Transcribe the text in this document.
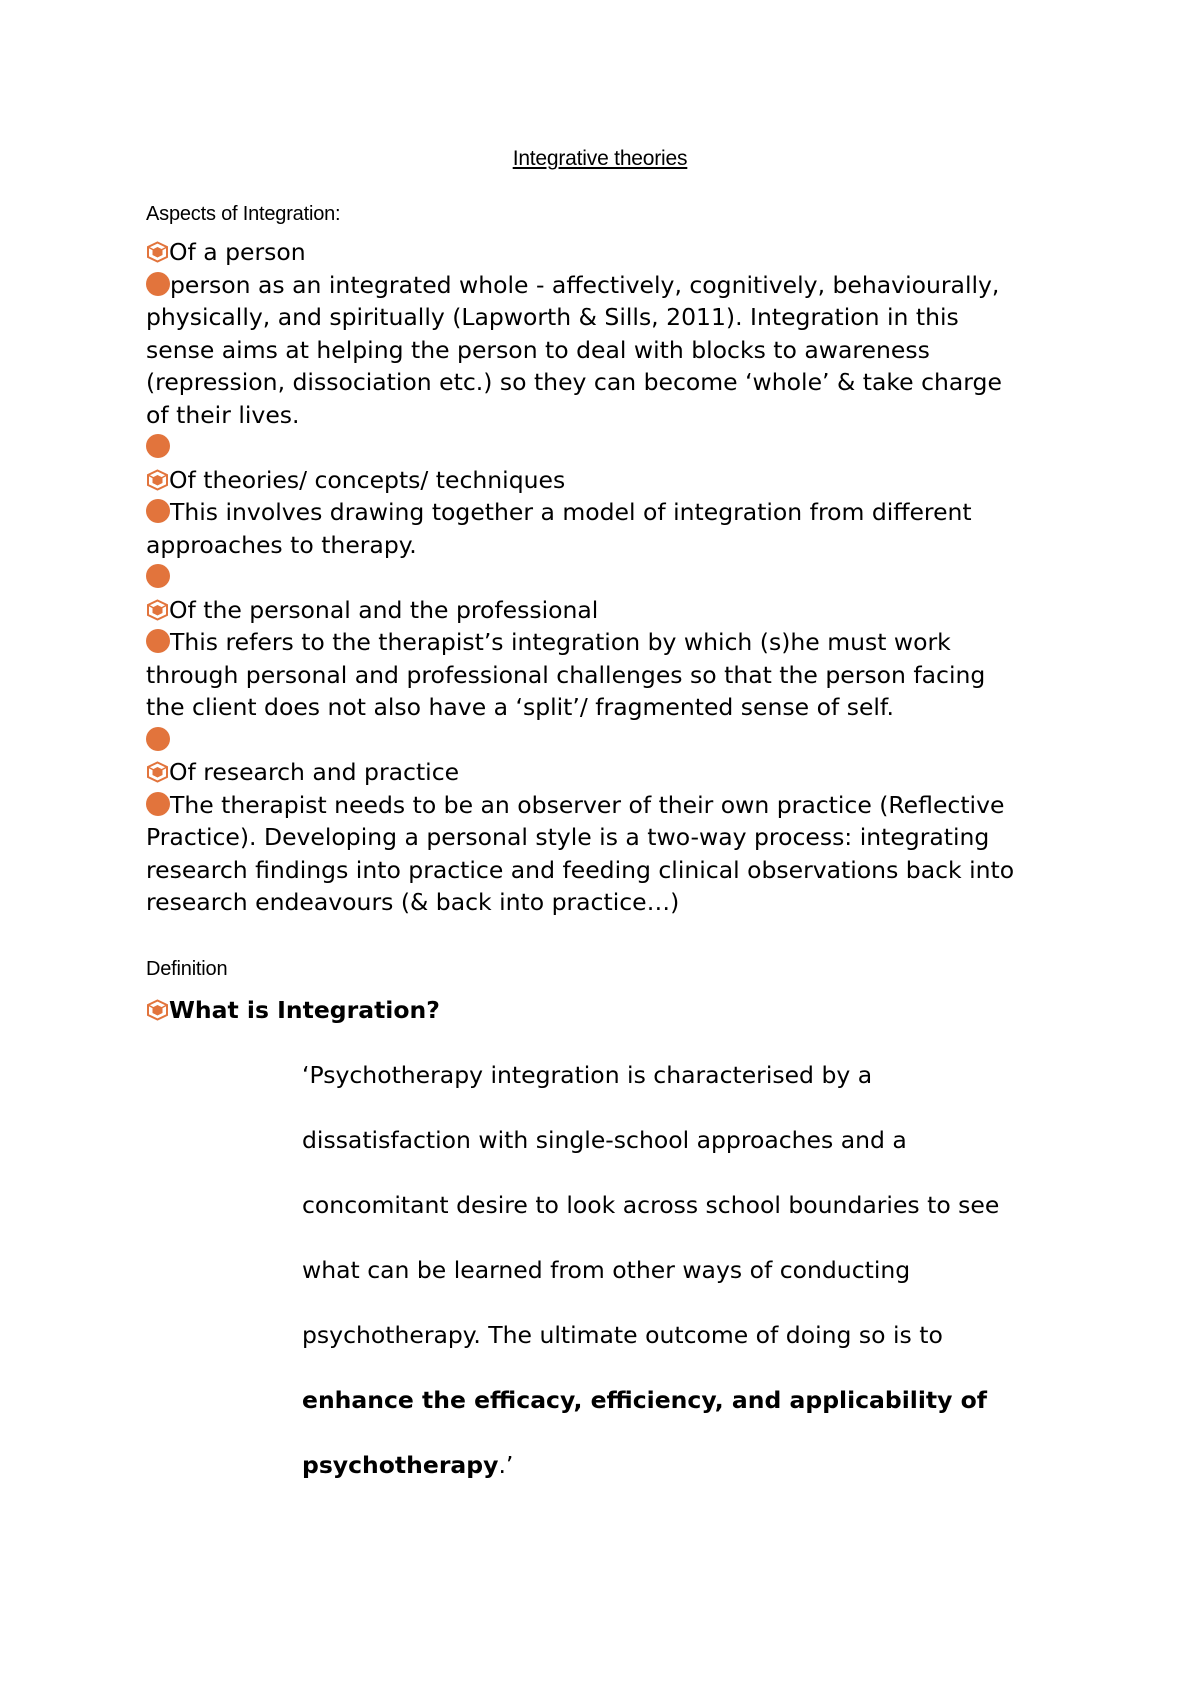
Integrative theories
Aspects of Integration:
Of a person
person as an integrated whole - affectively, cognitively, behaviourally,
physically, and spiritually (Lapworth & Sills, 2011). Integration in this
sense aims at helping the person to deal with blocks to awareness
(repression, dissociation etc.) so they can become ‘whole’ & take charge
of their lives.
Of theories/ concepts/ techniques
This involves drawing together a model of integration from different
approaches to therapy.
Of the personal and the professional
This refers to the therapist’s integration by which (s)he must work
through personal and professional challenges so that the person facing
the client does not also have a ‘split’/ fragmented sense of self.
Of research and practice
The therapist needs to be an observer of their own practice (Reflective
Practice). Developing a personal style is a two-way process: integrating
research findings into practice and feeding clinical observations back into
research endeavours (& back into practice…)
Definition
What is Integration?
‘Psychotherapy integration is characterised by a
dissatisfaction with single-school approaches and a
concomitant desire to look across school boundaries to see
what can be learned from other ways of conducting
psychotherapy. The ultimate outcome of doing so is to
enhance the efficacy, efficiency, and applicability of
psychotherapy.’
